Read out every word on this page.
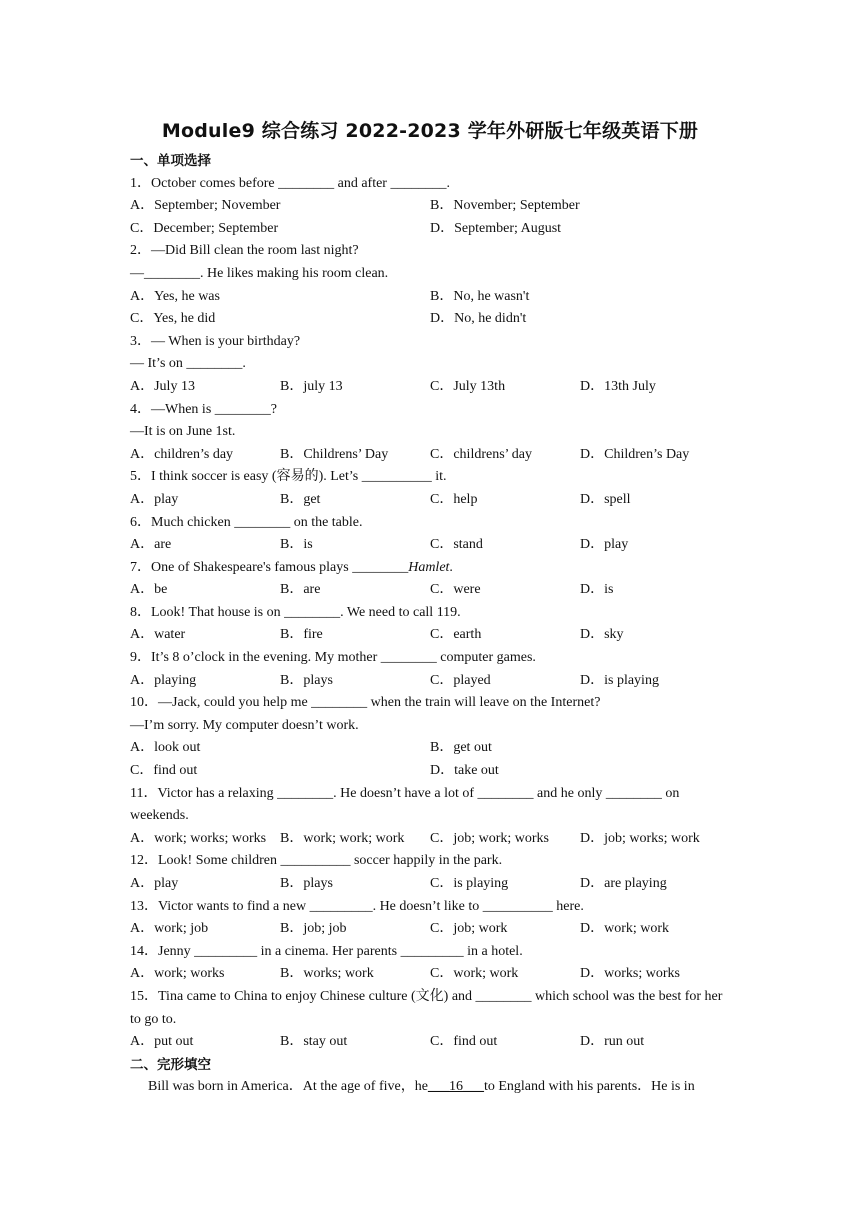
Module9 综合练习 2022-2023 学年外研版七年级英语下册
一、单项选择
1．October comes before ________ and after ________.
A．September; November	B．November; September
C．December; September	D．September; August
2．—Did Bill clean the room last night?
—________. He likes making his room clean.
A．Yes, he was	B．No, he wasn't
C．Yes, he did	D．No, he didn't
3．— When is your birthday?
— It’s on ________.
A．July 13	B．july 13	C．July 13th	D．13th July
4．—When is ________?
—It is on June 1st.
A．children’s day	B．Childrens’ Day	C．childrens’ day	D．Children’s Day
5．I think soccer is easy (容易的). Let’s __________ it.
A．play	B．get	C．help	D．spell
6．Much chicken ________ on the table.
A．are	B．is	C．stand	D．play
7．One of Shakespeare's famous plays ________Hamlet.
A．be	B．are	C．were	D．is
8．Look! That house is on ________. We need to call 119.
A．water	B．fire	C．earth	D．sky
9．It’s 8 o’clock in the evening. My mother ________ computer games.
A．playing	B．plays	C．played	D．is playing
10．—Jack, could you help me ________ when the train will leave on the Internet?
—I’m sorry. My computer doesn’t work.
A．look out	B．get out
C．find out	D．take out
11．Victor has a relaxing ________. He doesn’t have a lot of ________ and he only ________ on weekends.
A．work; works; works B．work; work; work	C．job; work; works	D．job; works; work
12．Look! Some children __________ soccer happily in the park.
A．play	B．plays	C．is playing	D．are playing
13．Victor wants to find a new _________. He doesn’t like to __________ here.
A．work; job	B．job; job	C．job; work	D．work; work
14．Jenny _________ in a cinema. Her parents _________ in a hotel.
A．work; works	B．works; work	C．work; work	D．works; works
15．Tina came to China to enjoy Chinese culture (文化) and ________ which school was the best for her to go to.
A．put out	B．stay out	C．find out	D．run out
二、完形填空
Bill was born in America．At the age of five，he___16___to England with his parents．He is in
